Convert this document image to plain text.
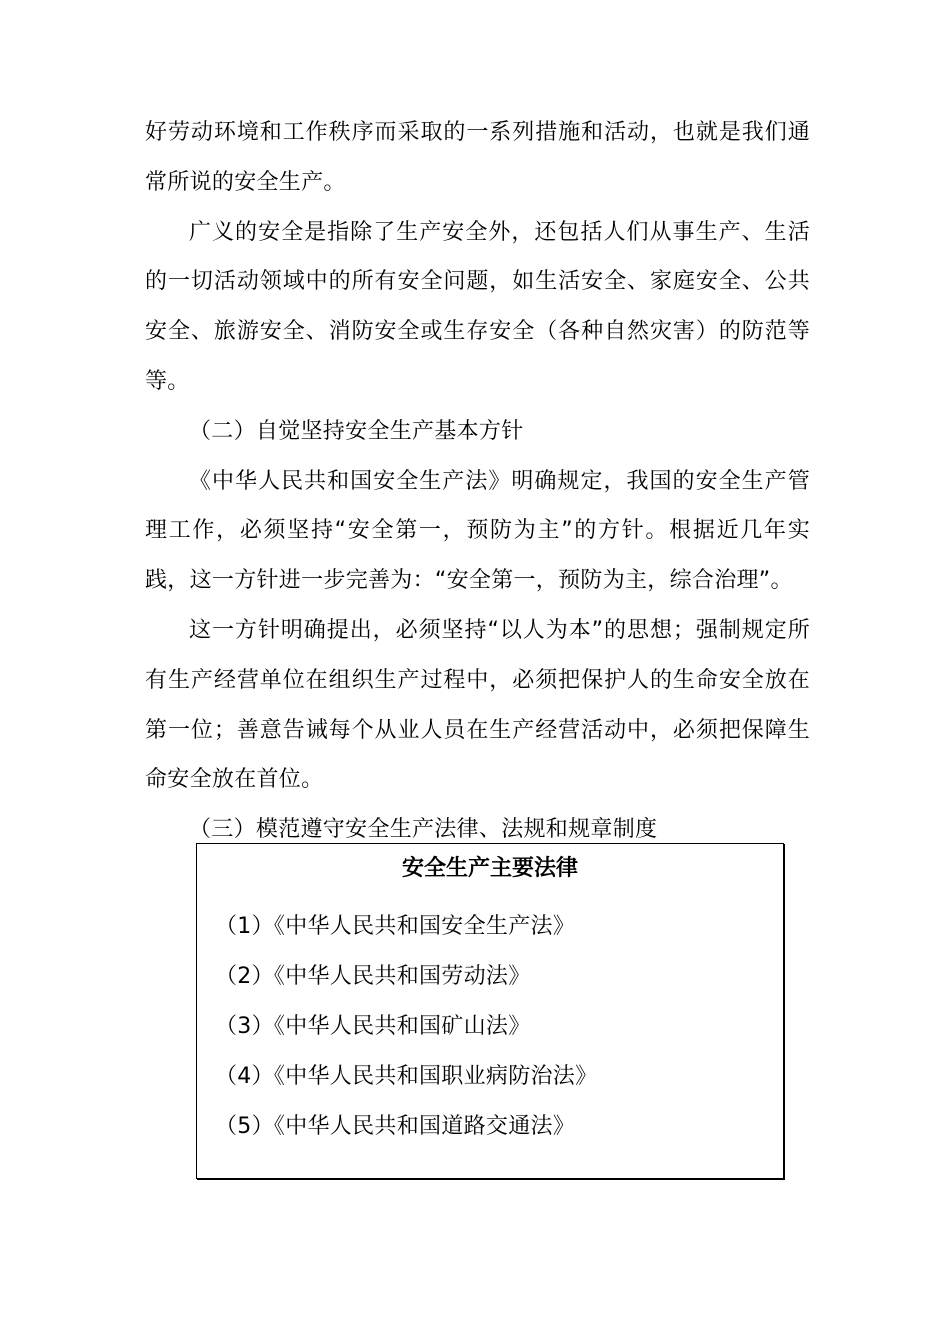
好劳动环境和工作秩序而采取的一系列措施和活动，也就是我们通常所说的安全生产。

广义的安全是指除了生产安全外，还包括人们从事生产、生活的一切活动领域中的所有安全问题，如生活安全、家庭安全、公共安全、旅游安全、消防安全或生存安全（各种自然灾害）的防范等等。

（二）自觉坚持安全生产基本方针

《中华人民共和国安全生产法》明确规定，我国的安全生产管理工作，必须坚持“安全第一，预防为主”的方针。根据近几年实践，这一方针进一步完善为：“安全第一，预防为主，综合治理”。

这一方针明确提出，必须坚持“以人为本”的思想；强制规定所有生产经营单位在组织生产过程中，必须把保护人的生命安全放在第一位；善意告诫每个从业人员在生产经营活动中，必须把保障生命安全放在首位。

（三）模范遵守安全生产法律、法规和规章制度

安全生产主要法律
（1）《中华人民共和国安全生产法》
（2）《中华人民共和国劳动法》
（3）《中华人民共和国矿山法》
（4）《中华人民共和国职业病防治法》
（5）《中华人民共和国道路交通法》
